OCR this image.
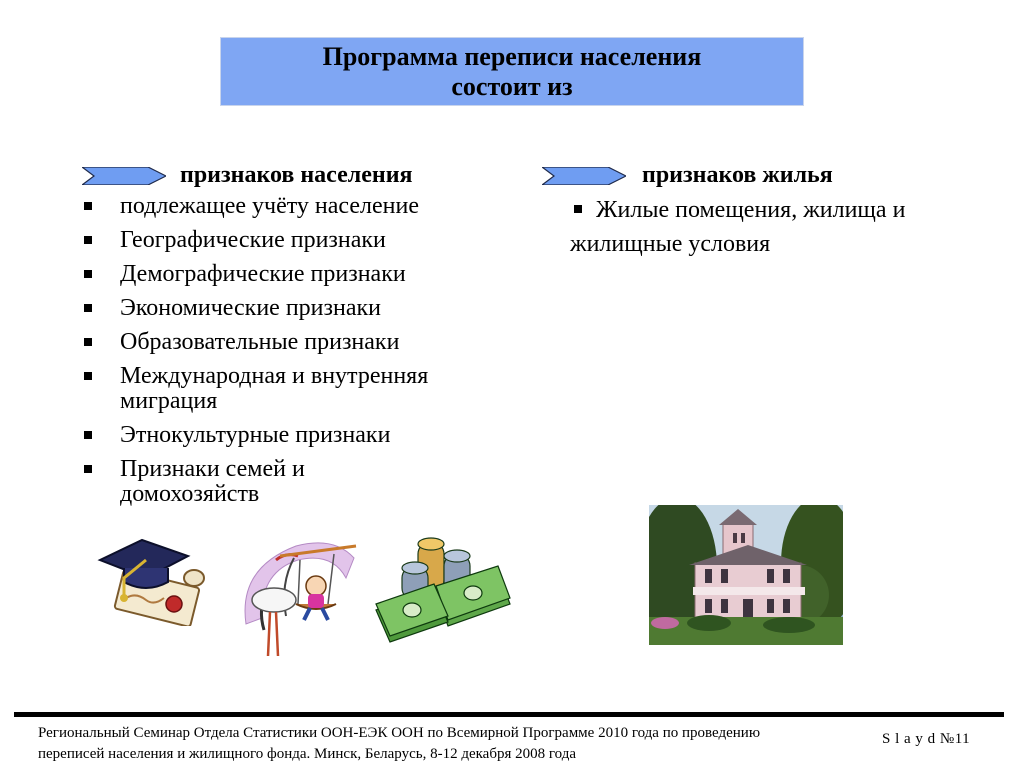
Программа переписи населения
состоит из
признаков населения
подлежащее учёту население
Географические признаки
Демографические признаки
Экономические признаки
Образовательные признаки
Международная и внутренняя
миграция
Этнокультурные признаки
Признаки семей и
домохозяйств
признаков жилья
Жилые помещения, жилища и
жилищные условия
Региональный Семинар Отдела Статистики ООН-ЕЭК ООН по Всемирной Программе 2010 года по проведению
переписей населения и жилищного фонда. Минск, Беларусь, 8-12 декабря 2008 года
S l a y d №11
